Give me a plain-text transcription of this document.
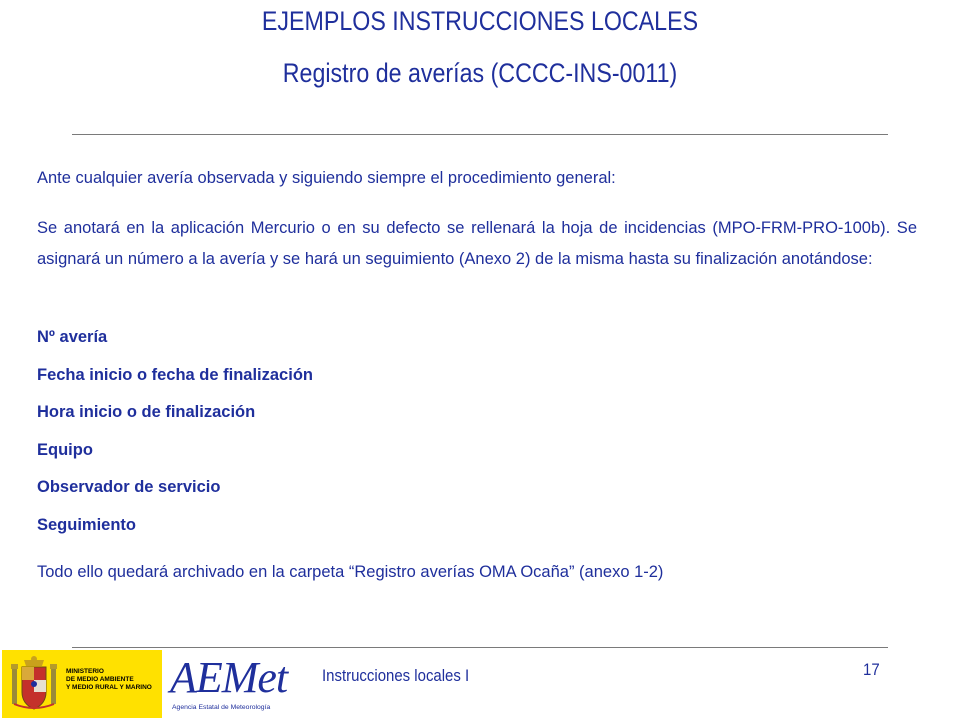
EJEMPLOS INSTRUCCIONES LOCALES
Registro de averías (CCCC-INS-0011)
Ante cualquier avería observada y siguiendo siempre el procedimiento general:
Se anotará en la aplicación Mercurio o en su defecto se rellenará la hoja de incidencias (MPO-FRM-PRO-100b). Se asignará un número a la avería y se hará un seguimiento (Anexo 2) de la misma hasta su finalización anotándose:
Nº avería
Fecha inicio o fecha de finalización
Hora inicio o de finalización
Equipo
Observador de servicio
Seguimiento
Todo ello quedará archivado en la carpeta “Registro averías OMA Ocaña” (anexo 1-2)
MINISTERIO
DE MEDIO AMBIENTE
Y MEDIO RURAL Y MARINO AEMet
Agencia Estatal de Meteorología
Instrucciones locales I	17
